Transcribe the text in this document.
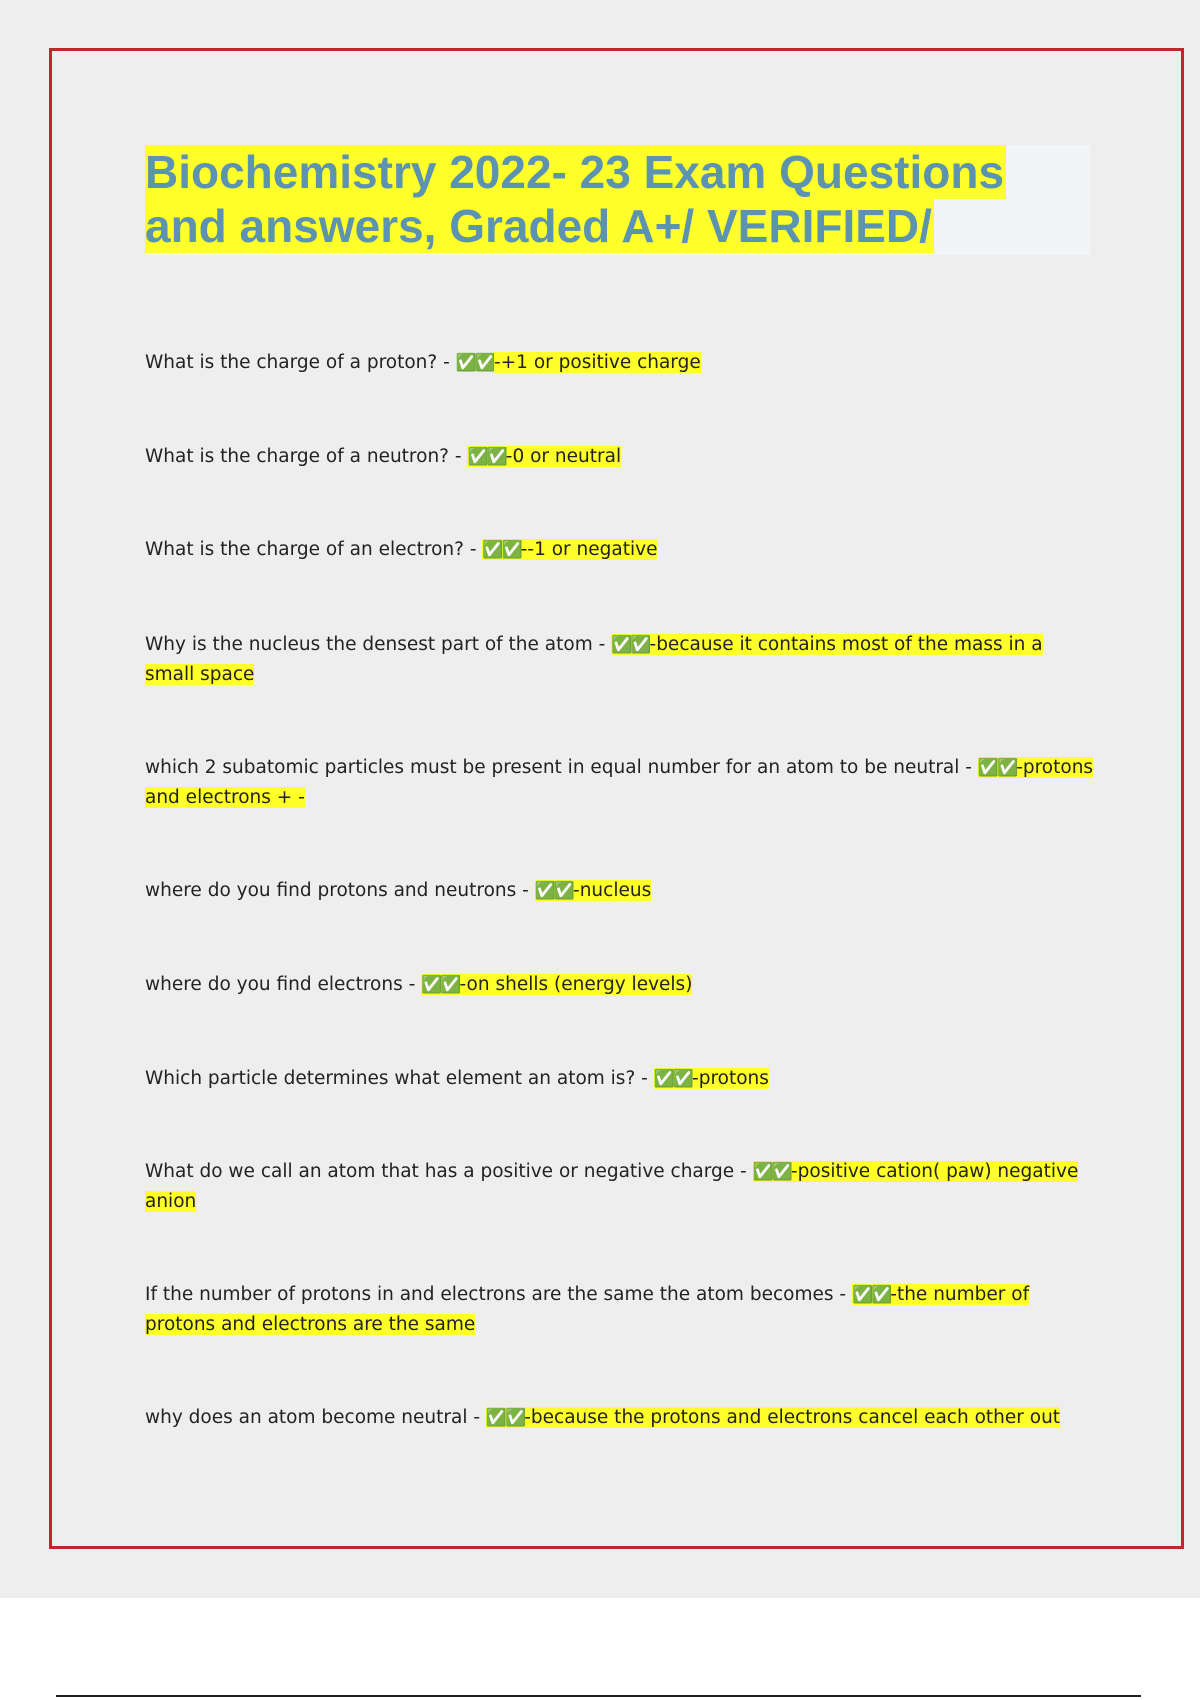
Biochemistry 2022- 23 Exam Questions
and answers, Graded A+/ VERIFIED/
What is the charge of a proton? - ✅✅-+1 or positive charge
What is the charge of a neutron? - ✅✅-0 or neutral
What is the charge of an electron? - ✅✅--1 or negative
Why is the nucleus the densest part of the atom - ✅✅-because it contains most of the mass in a small space
which 2 subatomic particles must be present in equal number for an atom to be neutral - ✅✅-protons and electrons + -
where do you find protons and neutrons - ✅✅-nucleus
where do you find electrons - ✅✅-on shells (energy levels)
Which particle determines what element an atom is? - ✅✅-protons
What do we call an atom that has a positive or negative charge - ✅✅-positive cation( paw) negative anion
If the number of protons in and electrons are the same the atom becomes - ✅✅-the number of protons and electrons are the same
why does an atom become neutral - ✅✅-because the protons and electrons cancel each other out
